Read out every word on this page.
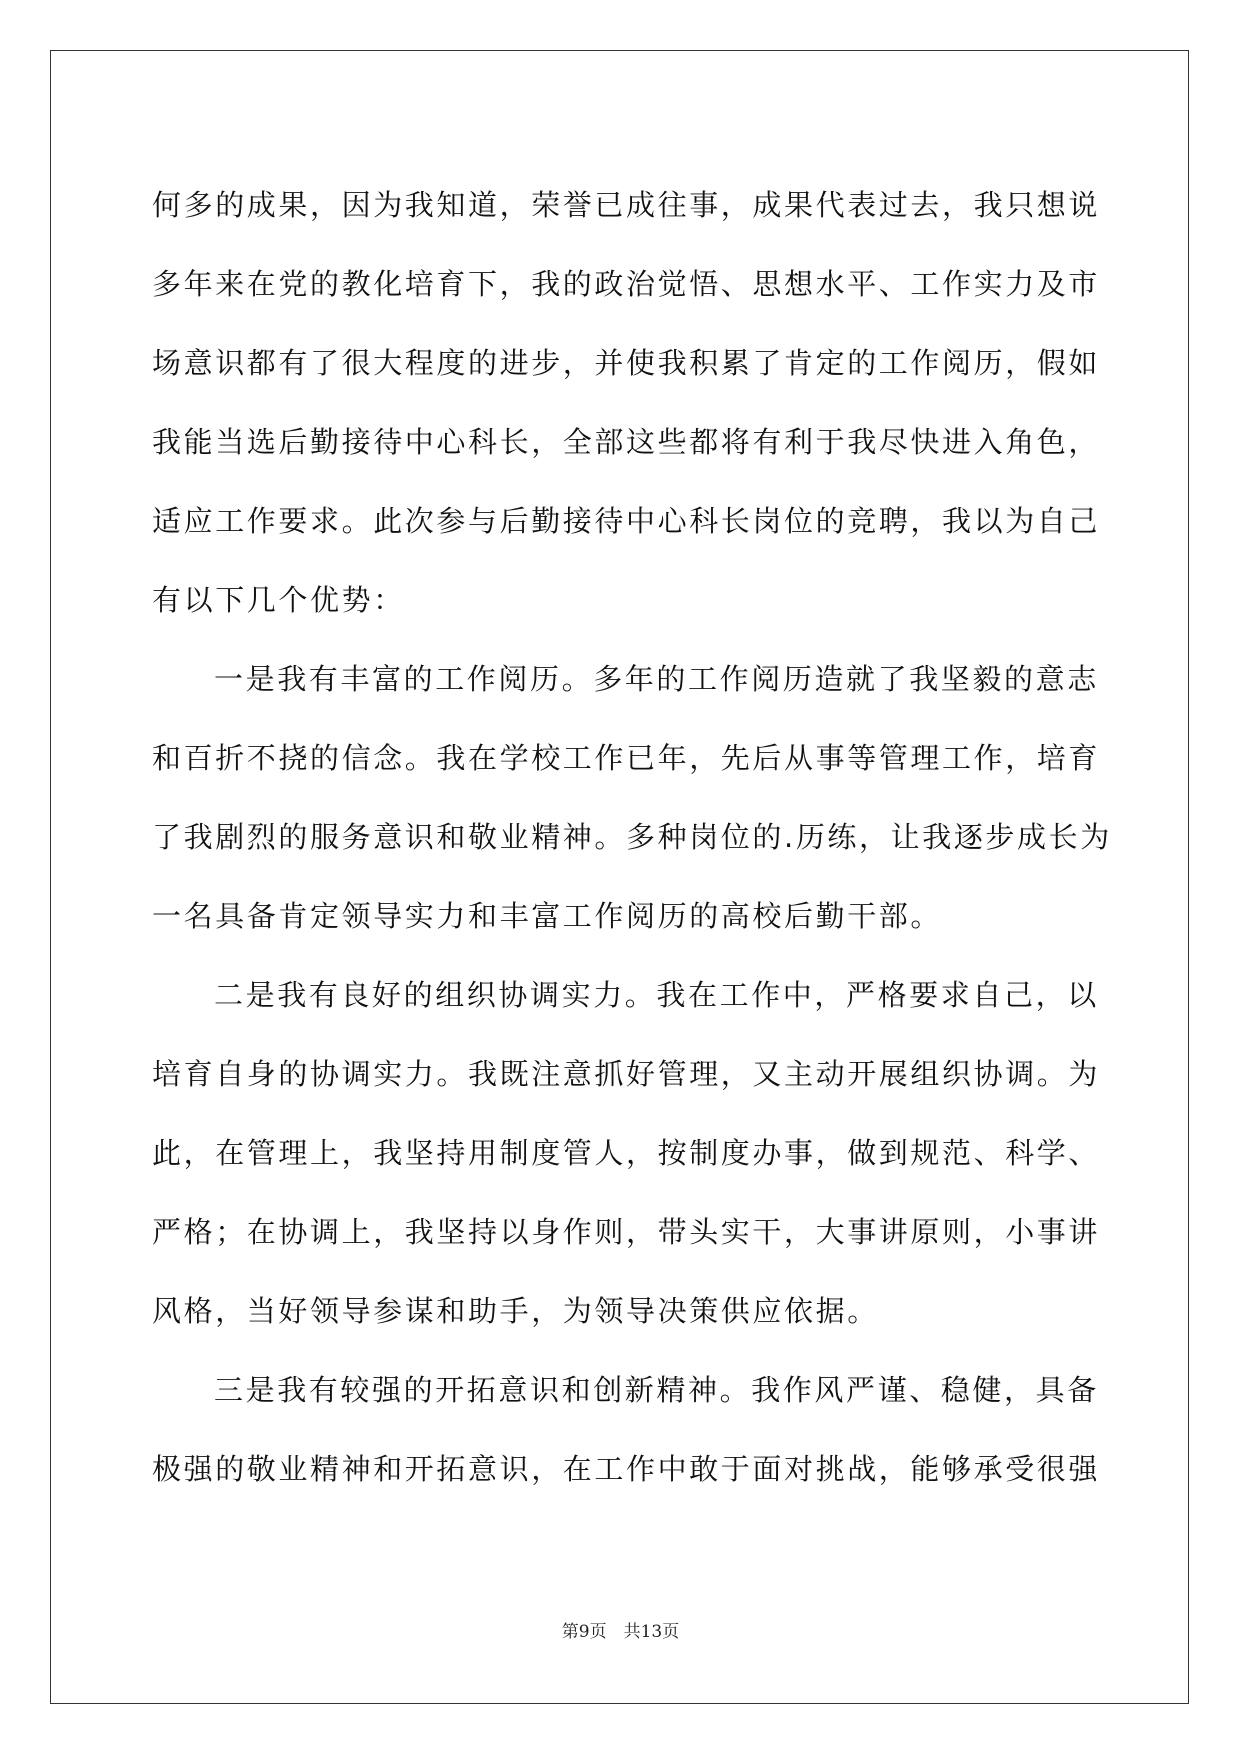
何多的成果，因为我知道，荣誉已成往事，成果代表过去，我只想说
多年来在党的教化培育下，我的政治觉悟、思想水平、工作实力及市
场意识都有了很大程度的进步，并使我积累了肯定的工作阅历，假如
我能当选后勤接待中心科长，全部这些都将有利于我尽快进入角色，
适应工作要求。此次参与后勤接待中心科长岗位的竞聘，我以为自己
有以下几个优势：
一是我有丰富的工作阅历。多年的工作阅历造就了我坚毅的意志
和百折不挠的信念。我在学校工作已年，先后从事等管理工作，培育
了我剧烈的服务意识和敬业精神。多种岗位的.历练，让我逐步成长为
一名具备肯定领导实力和丰富工作阅历的高校后勤干部。
二是我有良好的组织协调实力。我在工作中，严格要求自己，以
培育自身的协调实力。我既注意抓好管理，又主动开展组织协调。为
此，在管理上，我坚持用制度管人，按制度办事，做到规范、科学、
严格；在协调上，我坚持以身作则，带头实干，大事讲原则，小事讲
风格，当好领导参谋和助手，为领导决策供应依据。
三是我有较强的开拓意识和创新精神。我作风严谨、稳健，具备
极强的敬业精神和开拓意识，在工作中敢于面对挑战，能够承受很强
第9页　共13页
